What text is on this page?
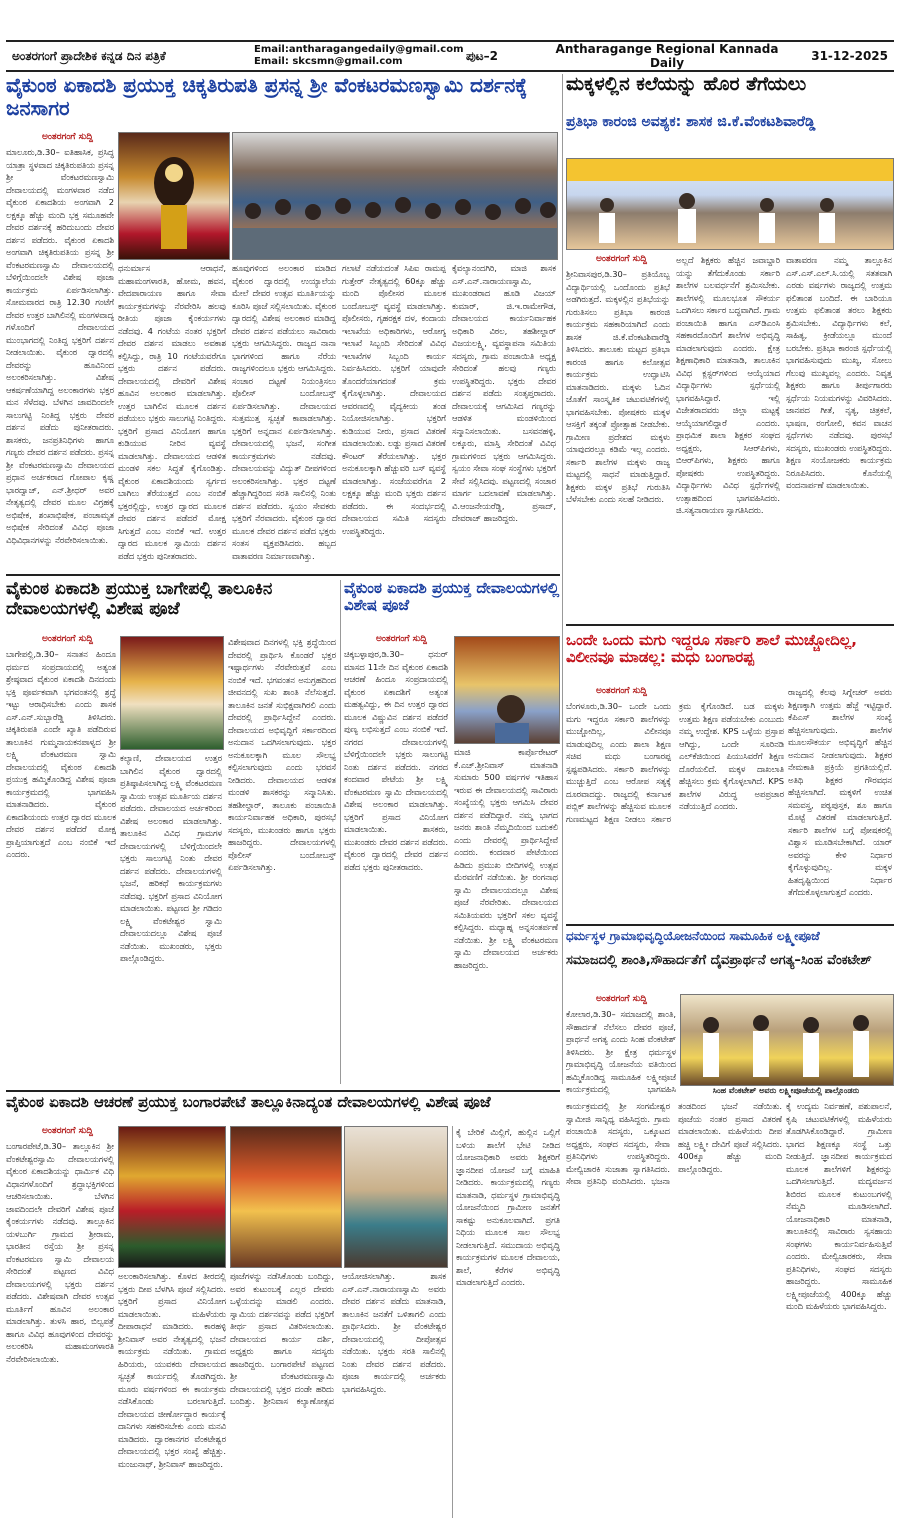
ಅಂತರಗಂಗೆ ಪ್ರಾದೇಶಿಕ ಕನ್ನಡ ದಿನ ಪತ್ರಿಕೆ	Email:antharagangedaily@gmail.com
Email: skcsmn@gmail.com	ಪುಟ–2	Antharagange Regional Kannada Daily	31-12-2025
ವೈಕುಂಠ ಏಕಾದಶಿ ಪ್ರಯುಕ್ತ ಚಿಕ್ಕತಿರುಪತಿ ಪ್ರಸನ್ನ ಶ್ರೀ ವೆಂಕಟರಮಣಸ್ವಾಮಿ ದರ್ಶನಕ್ಕೆ ಜನಸಾಗರ
ಅಂತರಗಂಗೆ ಸುದ್ದಿ
ಮಾಲೂರು,ಡಿ.30– ಐತಿಹಾಸಿಕ, ಪ್ರಸಿದ್ಧ ಯಾತ್ರಾ ಸ್ಥಳವಾದ ಚಿಕ್ಕತಿರುಪತಿಯ ಪ್ರಸನ್ನ ಶ್ರೀ ವೆಂಕಟರಮಣಸ್ವಾಮಿ ದೇವಾಲಯದಲ್ಲಿ ಮಂಗಳವಾರ ನಡೆದ ವೈಕುಂಠ ಏಕಾದಶಿಯ ಅಂಗವಾಗಿ 2 ಲಕ್ಷಕ್ಕೂ ಹೆಚ್ಚು ಮಂದಿ ಭಕ್ತ ಸಮೂಹವೇ ದೇವರ ದರ್ಶನಕ್ಕೆ ಹರಿದುಬಂದು ದೇವರ ದರ್ಶನ ಪಡೆದರು. ವೈಕುಂಠ ಏಕಾದಶಿ ಅಂಗವಾಗಿ ಚಿಕ್ಕತಿರುಪತಿಯ ಪ್ರಸನ್ನ ಶ್ರೀ ವೆಂಕಟರಮಣಸ್ವಾಮಿ ದೇವಾಲಯದಲ್ಲಿ ಬೆಳಿಗ್ಗೆಯಿಂದಲೇ ವಿಶೇಷ ಪೂಜಾ ಕಾರ್ಯಕ್ರಮ ಏರ್ಪಡಿಸಲಾಗಿತ್ತು. ಸೋಮವಾರದ ರಾತ್ರಿ 12.30 ಗಂಟೆಗೆ ದೇವರ ಉತ್ತರ ಬಾಗಿಲಿನಲ್ಲಿ ಮಂಗಳವಾದ್ಯ ಗಳೊಂದಿಗೆ ದೇವಾಲಯದ ಮುಂಭಾಗದಲ್ಲಿ ನಿಂತಿದ್ದ ಭಕ್ತರಿಗೆ ದರ್ಶನ ನೀಡಲಾಯಿತು. ವೈಕುಂಠ ದ್ವಾರದಲ್ಲಿ ದೇವರನ್ನು ಹೂವಿನಿಂದ ಅಲಂಕರಿಸಲಾಗಿತ್ತು. ವಿಶೇಷ ಆಕರ್ಷಣೆಯಾಗಿದ್ದ ಅಲಂಕಾರಗಳು ಭಕ್ತರ ಮನ ಸೆಳೆದವು. ಬೆಳಗಿನ ಜಾವದಿಂದಲೇ ಸಾಲುಗಟ್ಟಿ ನಿಂತಿದ್ದ ಭಕ್ತರು ದೇವರ ದರ್ಶನ ಪಡೆದು ಪುನೀತರಾದರು. ಶಾಸಕರು, ಜನಪ್ರತಿನಿಧಿಗಳು ಹಾಗೂ ಗಣ್ಯರು ದೇವರ ದರ್ಶನ ಪಡೆದರು. ಪ್ರಸನ್ನ ಶ್ರೀ ವೆಂಕಟರಮಣಸ್ವಾಮಿ ದೇವಾಲಯದ ಪ್ರಧಾನ ಅರ್ಚಕರಾದ ಗೋಪಾಲ ಕೃಷ್ಣ ಭಾರದ್ವಾಜ್, ಎನ್.ಶ್ರೀಧರ್ ಅವರ ನೇತೃತ್ವದಲ್ಲಿ ದೇವರ ಮೂಲ ವಿಗ್ರಹಕ್ಕೆ ಅಭಿಷೇಕ, ಶಂಖಾಭಿಷೇಕ, ಪಂಚಾಮೃತ ಅಭಿಷೇಕ ಸೇರಿದಂತೆ ವಿವಿಧ ಪೂಜಾ ವಿಧಿವಿಧಾನಗಳನ್ನು ನೆರವೇರಿಸಲಾಯಿತು.
ಧನುರ್ಮಾಸ ಆರಾಧನೆ, ಮಹಾಮಂಗಳಾರತಿ, ಹೋಮ, ಹವನ, ವೇದಪಾರಾಯಣ ಹಾಗೂ ಸೇವಾ ಕಾರ್ಯಕ್ರಮಗಳನ್ನು ನೆರವೇರಿಸಿ ಹಲವು ರೀತಿಯ ಪೂಜಾ ಕೈಂಕರ್ಯಗಳು ನಡೆದವು. 4 ಗಂಟೆಯ ನಂತರ ಭಕ್ತರಿಗೆ ದೇವರ ದರ್ಶನ ಮಾಡಲು ಅವಕಾಶ ಕಲ್ಪಿಸಿದ್ದು, ರಾತ್ರಿ 10 ಗಂಟೆಯವರೆಗೂ ಭಕ್ತರು ದರ್ಶನ ಪಡೆದರು. ದೇವಾಲಯದಲ್ಲಿ ದೇವರಿಗೆ ವಿಶೇಷ ಹೂವಿನ ಅಲಂಕಾರ ಮಾಡಲಾಗಿತ್ತು. ಉತ್ತರ ಬಾಗಿಲಿನ ಮೂಲಕ ದರ್ಶನ ಪಡೆಯಲು ಭಕ್ತರು ಸಾಲುಗಟ್ಟಿ ನಿಂತಿದ್ದರು. ಭಕ್ತರಿಗೆ ಪ್ರಸಾದ ವಿನಿಯೋಗ ಹಾಗೂ ಕುಡಿಯುವ ನೀರಿನ ವ್ಯವಸ್ಥೆ ಮಾಡಲಾಗಿತ್ತು. ದೇವಾಲಯದ ಆಡಳಿತ ಮಂಡಳಿ ಸಕಲ ಸಿದ್ಧತೆ ಕೈಗೊಂಡಿತ್ತು. ವೈಕುಂಠ ಏಕಾದಶಿಯಂದು ಸ್ವರ್ಗದ ಬಾಗಿಲು ತೆರೆಯುತ್ತದೆ ಎಂಬ ನಂಬಿಕೆ ಭಕ್ತರಲ್ಲಿದ್ದು, ಉತ್ತರ ದ್ವಾರದ ಮೂಲಕ ದೇವರ ದರ್ಶನ ಪಡೆದರೆ ಮೋಕ್ಷ ಸಿಗುತ್ತದೆ ಎಂಬ ನಂಬಿಕೆ ಇದೆ. ಉತ್ತರ ದ್ವಾರದ ಮೂಲಕ ಸ್ವಾಮಿಯ ದರ್ಶನ ಪಡೆದ ಭಕ್ತರು ಪುನೀತರಾದರು.
ಹೂವುಗಳಿಂದ ಅಲಂಕಾರ ಮಾಡಿದ ವೈಕುಂಠ ದ್ವಾರದಲ್ಲಿ ಉಯ್ಯಾಲೆಯ ಮೇಲೆ ದೇವರ ಉತ್ಸವ ಮೂರ್ತಿಯನ್ನು ಕೂರಿಸಿ ಪೂಜೆ ಸಲ್ಲಿಸಲಾಯಿತು. ವೈಕುಂಠ ದ್ವಾರದಲ್ಲಿ ವಿಶೇಷ ಅಲಂಕಾರ ಮಾಡಿದ್ದ ದೇವರ ದರ್ಶನ ಪಡೆಯಲು ಸಾವಿರಾರು ಭಕ್ತರು ಆಗಮಿಸಿದ್ದರು. ರಾಜ್ಯದ ನಾನಾ ಭಾಗಗಳಿಂದ ಹಾಗೂ ನೆರೆಯ ರಾಜ್ಯಗಳಿಂದಲೂ ಭಕ್ತರು ಆಗಮಿಸಿದ್ದರು. ಸಂಚಾರ ದಟ್ಟಣೆ ನಿಯಂತ್ರಿಸಲು ಪೊಲೀಸ್ ಬಂದೋಬಸ್ತ್ ಏರ್ಪಡಿಸಲಾಗಿತ್ತು. ದೇವಾಲಯದ ಸುತ್ತಮುತ್ತ ಸ್ವಚ್ಛತೆ ಕಾಪಾಡಲಾಗಿತ್ತು. ಭಕ್ತರಿಗೆ ಅನ್ನದಾನ ಏರ್ಪಡಿಸಲಾಗಿತ್ತು. ದೇವಾಲಯದಲ್ಲಿ ಭಜನೆ, ಸಂಗೀತ ಕಾರ್ಯಕ್ರಮಗಳು ನಡೆದವು. ದೇವಾಲಯವನ್ನು ವಿದ್ಯುತ್ ದೀಪಗಳಿಂದ ಅಲಂಕರಿಸಲಾಗಿತ್ತು. ಭಕ್ತರ ದಟ್ಟಣೆ ಹೆಚ್ಚಾಗಿದ್ದರಿಂದ ಸರತಿ ಸಾಲಿನಲ್ಲಿ ನಿಂತು ದರ್ಶನ ಪಡೆದರು. ಸ್ವಯಂ ಸೇವಕರು ಭಕ್ತರಿಗೆ ನೆರವಾದರು. ವೈಕುಂಠ ದ್ವಾರದ ಮೂಲಕ ದೇವರ ದರ್ಶನ ಪಡೆದ ಭಕ್ತರು ಸಂತಸ ವ್ಯಕ್ತಪಡಿಸಿದರು. ಹಬ್ಬದ ವಾತಾವರಣ ನಿರ್ಮಾಣವಾಗಿತ್ತು.
ಗಲಾಟೆ ನಡೆಯದಂತೆ ಸಿಪಿಐ ರಾಮಪ್ಪ ಗುತ್ತೇರ್ ನೇತೃತ್ವದಲ್ಲಿ 60ಕ್ಕೂ ಹೆಚ್ಚು ಮಂದಿ ಪೊಲೀಸರ ಮೂಲಕ ಬಂದೋಬಸ್ತ್ ವ್ಯವಸ್ಥೆ ಮಾಡಲಾಗಿತ್ತು. ಪೊಲೀಸರು, ಗೃಹರಕ್ಷಕ ದಳ, ಕಂದಾಯ ಇಲಾಖೆಯ ಅಧಿಕಾರಿಗಳು, ಆರೋಗ್ಯ ಇಲಾಖೆ ಸಿಬ್ಬಂದಿ ಸೇರಿದಂತೆ ವಿವಿಧ ಇಲಾಖೆಗಳ ಸಿಬ್ಬಂದಿ ಕಾರ್ಯ ನಿರ್ವಹಿಸಿದರು. ಭಕ್ತರಿಗೆ ಯಾವುದೇ ತೊಂದರೆಯಾಗದಂತೆ ಕ್ರಮ ಕೈಗೊಳ್ಳಲಾಗಿತ್ತು. ದೇವಾಲಯದ ಆವರಣದಲ್ಲಿ ವೈದ್ಯಕೀಯ ತಂಡ ನಿಯೋಜಿಸಲಾಗಿತ್ತು. ಭಕ್ತರಿಗೆ ಕುಡಿಯುವ ನೀರು, ಪ್ರಸಾದ ವಿತರಣೆ ಮಾಡಲಾಯಿತು. ಲಡ್ಡು ಪ್ರಸಾದ ವಿತರಣೆ ಕೌಂಟರ್ ತೆರೆಯಲಾಗಿತ್ತು. ಭಕ್ತರ ಅನುಕೂಲಕ್ಕಾಗಿ ಹೆಚ್ಚುವರಿ ಬಸ್ ವ್ಯವಸ್ಥೆ ಮಾಡಲಾಗಿತ್ತು. ಸಂಜೆಯವರೆಗೂ 2 ಲಕ್ಷಕ್ಕೂ ಹೆಚ್ಚು ಮಂದಿ ಭಕ್ತರು ದರ್ಶನ ಪಡೆದರು. ಈ ಸಂದರ್ಭದಲ್ಲಿ ದೇವಾಲಯದ ಸಮಿತಿ ಸದಸ್ಯರು ಉಪಸ್ಥಿತರಿದ್ದರು.
ಕೈವಲ್ಯಾನಂದಗಿರಿ, ಮಾಜಿ ಶಾಸಕ ಎಸ್.ಎನ್.ನಾರಾಯಣಸ್ವಾಮಿ, ಮುಖಂಡರಾದ ಹೂಡಿ ವಿಜಯ್ ಕುಮಾರ್, ಜಿ.ಇ.ರಾಮೇಗೌಡ, ದೇವಾಲಯದ ಕಾರ್ಯನಿರ್ವಾಹಕ ಅಧಿಕಾರಿ ವಿಠಲ, ತಹಶೀಲ್ದಾರ್ ವಿಜಯಲಕ್ಷ್ಮಿ, ವ್ಯವಸ್ಥಾಪನಾ ಸಮಿತಿಯ ಸದಸ್ಯರು, ಗ್ರಾಮ ಪಂಚಾಯಿತಿ ಅಧ್ಯಕ್ಷ ಸೇರಿದಂತೆ ಹಲವು ಗಣ್ಯರು ಉಪಸ್ಥಿತರಿದ್ದರು. ಭಕ್ತರು ದೇವರ ದರ್ಶನ ಪಡೆದು ಸಂತೃಪ್ತರಾದರು. ದೇವಾಲಯಕ್ಕೆ ಆಗಮಿಸಿದ ಗಣ್ಯರನ್ನು ಆಡಳಿತ ಮಂಡಳಿಯಿಂದ ಸನ್ಮಾನಿಸಲಾಯಿತು. ಬಸವನಹಳ್ಳಿ, ಲಕ್ಕೂರು, ಮಾಸ್ತಿ ಸೇರಿದಂತೆ ವಿವಿಧ ಗ್ರಾಮಗಳಿಂದ ಭಕ್ತರು ಆಗಮಿಸಿದ್ದರು. ಸ್ವಯಂ ಸೇವಾ ಸಂಘ ಸಂಸ್ಥೆಗಳು ಭಕ್ತರಿಗೆ ಸೇವೆ ಸಲ್ಲಿಸಿದವು. ಪಟ್ಟಣದಲ್ಲಿ ಸಂಚಾರ ಮಾರ್ಗ ಬದಲಾವಣೆ ಮಾಡಲಾಗಿತ್ತು. ವಿ.ಆಂಜನೇಯರೆಡ್ಡಿ, ಪ್ರಸಾದ್, ದೇವರಾಜ್ ಹಾಜರಿದ್ದರು.
ಮಕ್ಕಳಲ್ಲಿನ ಕಲೆಯನ್ನು ಹೊರ ತೆಗೆಯಲು
ಪ್ರತಿಭಾ ಕಾರಂಜಿ ಅವಶ್ಯಕ: ಶಾಸಕ ಜಿ.ಕೆ.ವೆಂಕಟಶಿವಾರೆಡ್ಡಿ
ಅಂತರಗಂಗೆ ಸುದ್ದಿ
ಶ್ರೀನಿವಾಸಪುರ,ಡಿ.30– ಪ್ರತಿಯೊಬ್ಬ ವಿದ್ಯಾರ್ಥಿಯಲ್ಲಿ ಒಂದೊಂದು ಪ್ರತಿಭೆ ಅಡಗಿರುತ್ತದೆ. ಮಕ್ಕಳಲ್ಲಿನ ಪ್ರತಿಭೆಯನ್ನು ಗುರುತಿಸಲು ಪ್ರತಿಭಾ ಕಾರಂಜಿ ಕಾರ್ಯಕ್ರಮ ಸಹಕಾರಿಯಾಗಿದೆ ಎಂದು ಶಾಸಕ ಜಿ.ಕೆ.ವೆಂಕಟಶಿವಾರೆಡ್ಡಿ ತಿಳಿಸಿದರು. ತಾಲೂಕು ಮಟ್ಟದ ಪ್ರತಿಭಾ ಕಾರಂಜಿ ಹಾಗೂ ಕಲೋತ್ಸವ ಕಾರ್ಯಕ್ರಮ ಉದ್ಘಾಟಿಸಿ ಮಾತನಾಡಿದರು. ಮಕ್ಕಳು ಓದಿನ ಜೊತೆಗೆ ಸಾಂಸ್ಕೃತಿಕ ಚಟುವಟಿಕೆಗಳಲ್ಲಿ ಭಾಗವಹಿಸಬೇಕು. ಪೋಷಕರು ಮಕ್ಕಳ ಆಸಕ್ತಿಗೆ ತಕ್ಕಂತೆ ಪ್ರೋತ್ಸಾಹ ನೀಡಬೇಕು. ಗ್ರಾಮೀಣ ಪ್ರದೇಶದ ಮಕ್ಕಳು ಯಾವುದರಲ್ಲೂ ಕಡಿಮೆ ಇಲ್ಲ ಎಂದರು. ಸರ್ಕಾರಿ ಶಾಲೆಗಳ ಮಕ್ಕಳು ರಾಜ್ಯ ಮಟ್ಟದಲ್ಲಿ ಸಾಧನೆ ಮಾಡುತ್ತಿದ್ದಾರೆ. ಶಿಕ್ಷಕರು ಮಕ್ಕಳ ಪ್ರತಿಭೆ ಗುರುತಿಸಿ ಬೆಳೆಸಬೇಕು ಎಂದು ಸಲಹೆ ನೀಡಿದರು.
ಅಲ್ಲದೆ ಶಿಕ್ಷಕರು ಹೆಚ್ಚಿನ ಜವಾಬ್ದಾರಿ ಯನ್ನು ತೆಗೆದುಕೊಂಡು ಸರ್ಕಾರಿ ಶಾಲೆಗಳ ಬಲವರ್ಧನೆಗೆ ಶ್ರಮಿಸಬೇಕು. ಶಾಲೆಗಳಲ್ಲಿ ಮೂಲಭೂತ ಸೌಕರ್ಯ ಒದಗಿಸಲು ಸರ್ಕಾರ ಬದ್ಧವಾಗಿದೆ. ಗ್ರಾಮ ಪಂಚಾಯಿತಿ ಹಾಗೂ ಎಸ್‌ಡಿಎಂಸಿ ಸಹಕಾರದೊಂದಿಗೆ ಶಾಲೆಗಳ ಅಭಿವೃದ್ಧಿ ಮಾಡಲಾಗುವುದು ಎಂದರು. ಕ್ಷೇತ್ರ ಶಿಕ್ಷಣಾಧಿಕಾರಿ ಮಾತನಾಡಿ, ತಾಲೂಕಿನ ವಿವಿಧ ಕ್ಲಸ್ಟರ್‌ಗಳಿಂದ ಆಯ್ಕೆಯಾದ ವಿದ್ಯಾರ್ಥಿಗಳು ಸ್ಪರ್ಧೆಯಲ್ಲಿ ಭಾಗವಹಿಸಿದ್ದಾರೆ. ಇಲ್ಲಿ ವಿಜೇತರಾದವರು ಜಿಲ್ಲಾ ಮಟ್ಟಕ್ಕೆ ಆಯ್ಕೆಯಾಗಲಿದ್ದಾರೆ ಎಂದರು. ಪ್ರಾಥಮಿಕ ಶಾಲಾ ಶಿಕ್ಷಕರ ಸಂಘದ ಅಧ್ಯಕ್ಷರು, ಸಿಆರ್‌ಪಿಗಳು, ಬಿಆರ್‌ಪಿಗಳು, ಶಿಕ್ಷಕರು ಹಾಗೂ ಪೋಷಕರು ಉಪಸ್ಥಿತರಿದ್ದರು. ವಿದ್ಯಾರ್ಥಿಗಳು ವಿವಿಧ ಸ್ಪರ್ಧೆಗಳಲ್ಲಿ ಉತ್ಸಾಹದಿಂದ ಭಾಗವಹಿಸಿದರು. ಜಿ.ಸತ್ಯನಾರಾಯಣ ಸ್ವಾಗತಿಸಿದರು.
ವಾತಾವರಣ ನಮ್ಮ ತಾಲ್ಲೂಕಿನ ಎಸ್.ಎಸ್.ಎಲ್.ಸಿ.ಯಲ್ಲಿ ಸತತವಾಗಿ ಎರಡು ವರ್ಷಗಳು ರಾಜ್ಯದಲ್ಲಿ ಉತ್ತಮ ಫಲಿತಾಂಶ ಬಂದಿದೆ. ಈ ಬಾರಿಯೂ ಉತ್ತಮ ಫಲಿತಾಂಶ ತರಲು ಶಿಕ್ಷಕರು ಶ್ರಮಿಸಬೇಕು. ವಿದ್ಯಾರ್ಥಿಗಳು ಕಲೆ, ಸಾಹಿತ್ಯ, ಕ್ರೀಡೆಯಲ್ಲೂ ಮುಂದೆ ಬರಬೇಕು. ಪ್ರತಿಭಾ ಕಾರಂಜಿ ಸ್ಪರ್ಧೆಯಲ್ಲಿ ಭಾಗವಹಿಸುವುದು ಮುಖ್ಯ, ಸೋಲು ಗೆಲುವು ಮುಖ್ಯವಲ್ಲ ಎಂದರು. ನಿವೃತ್ತ ಶಿಕ್ಷಕರು ಹಾಗೂ ತೀರ್ಪುಗಾರರು ಸ್ಪರ್ಧೆಯ ನಿಯಮಗಳನ್ನು ವಿವರಿಸಿದರು. ಜಾನಪದ ಗೀತೆ, ನೃತ್ಯ, ಚಿತ್ರಕಲೆ, ಭಾಷಣ, ರಂಗೋಲಿ, ಕವನ ವಾಚನ ಸ್ಪರ್ಧೆಗಳು ನಡೆದವು. ಪುರಸಭೆ ಸದಸ್ಯರು, ಮುಖಂಡರು ಉಪಸ್ಥಿತರಿದ್ದರು. ಶಿಕ್ಷಣ ಸಂಯೋಜಕರು ಕಾರ್ಯಕ್ರಮ ನಿರೂಪಿಸಿದರು. ಕೊನೆಯಲ್ಲಿ ವಂದನಾರ್ಪಣೆ ಮಾಡಲಾಯಿತು.
ವೈಕುಂಠ ಏಕಾದಶಿ ಪ್ರಯುಕ್ತ ಬಾಗೇಪಲ್ಲಿ ತಾಲೂಕಿನ ದೇವಾಲಯಗಳಲ್ಲಿ ವಿಶೇಷ ಪೂಜೆ
ಅಂತರಗಂಗೆ ಸುದ್ದಿ
ಬಾಗೇಪಲ್ಲಿ,ಡಿ.30– ಸನಾತನ ಹಿಂದೂ ಧರ್ಮದ ಸಂಪ್ರದಾಯದಲ್ಲಿ ಅತ್ಯಂತ ಶ್ರೇಷ್ಠವಾದ ವೈಕುಂಠ ಏಕಾದಶಿ ದಿನದಂದು ಭಕ್ತಿ ಪೂರ್ವಕವಾಗಿ ಭಗವಂತನಲ್ಲಿ ಶ್ರದ್ಧೆ ಇಟ್ಟು ಆರಾಧಿಸಬೇಕು ಎಂದು ಶಾಸಕ ಎಸ್.ಎನ್.ಸುಬ್ಬಾರೆಡ್ಡಿ ತಿಳಿಸಿದರು. ಚಿಕ್ಕತಿರುಪತಿ ಎಂದೇ ಖ್ಯಾತಿ ಪಡೆದಿರುವ ತಾಲೂಕಿನ ಗುಮ್ಮನಾಯಕನಪಾಳ್ಯದ ಶ್ರೀ ಲಕ್ಷ್ಮಿ ವೆಂಕಟರಮಣ ಸ್ವಾಮಿ ದೇವಾಲಯದಲ್ಲಿ ವೈಕುಂಠ ಏಕಾದಶಿ ಪ್ರಯುಕ್ತ ಹಮ್ಮಿಕೊಂಡಿದ್ದ ವಿಶೇಷ ಪೂಜಾ ಕಾರ್ಯಕ್ರಮದಲ್ಲಿ ಭಾಗವಹಿಸಿ ಮಾತನಾಡಿದರು. ವೈಕುಂಠ ಏಕಾದಶಿಯಂದು ಉತ್ತರ ದ್ವಾರದ ಮೂಲಕ ದೇವರ ದರ್ಶನ ಪಡೆದರೆ ಮೋಕ್ಷ ಪ್ರಾಪ್ತಿಯಾಗುತ್ತದೆ ಎಂಬ ನಂಬಿಕೆ ಇದೆ ಎಂದರು.
ಕಲ್ಯಾಣಿ, ದೇವಾಲಯದ ಉತ್ತರ ಬಾಗಿಲಿನ ವೈಕುಂಠ ದ್ವಾರದಲ್ಲಿ ಪ್ರತಿಷ್ಠಾಪಿಸಲಾಗಿದ್ದ ಲಕ್ಷ್ಮಿ ವೆಂಕಟರಮಣ ಸ್ವಾಮಿಯ ಉತ್ಸವ ಮೂರ್ತಿಯ ದರ್ಶನ ಪಡೆದರು. ದೇವಾಲಯದ ಅರ್ಚಕರಿಂದ ವಿಶೇಷ ಅಲಂಕಾರ ಮಾಡಲಾಗಿತ್ತು. ತಾಲೂಕಿನ ವಿವಿಧ ಗ್ರಾಮಗಳ ದೇವಾಲಯಗಳಲ್ಲಿ ಬೆಳಿಗ್ಗೆಯಿಂದಲೇ ಭಕ್ತರು ಸಾಲುಗಟ್ಟಿ ನಿಂತು ದೇವರ ದರ್ಶನ ಪಡೆದರು. ದೇವಾಲಯಗಳಲ್ಲಿ ಭಜನೆ, ಹರಿಕಥೆ ಕಾರ್ಯಕ್ರಮಗಳು ನಡೆದವು. ಭಕ್ತರಿಗೆ ಪ್ರಸಾದ ವಿನಿಯೋಗ ಮಾಡಲಾಯಿತು. ಪಟ್ಟಣದ ಶ್ರೀ ಗಡಿದಂ ಲಕ್ಷ್ಮಿ ವೆಂಕಟೇಶ್ವರ ಸ್ವಾಮಿ ದೇವಾಲಯದಲ್ಲೂ ವಿಶೇಷ ಪೂಜೆ ನಡೆಯಿತು. ಮುಖಂಡರು, ಭಕ್ತರು ಪಾಲ್ಗೊಂಡಿದ್ದರು.
ವಿಶೇಷವಾದ ದಿನಗಳಲ್ಲಿ ಭಕ್ತಿ ಶ್ರದ್ಧೆಯಿಂದ ದೇವರಲ್ಲಿ ಪ್ರಾರ್ಥಿಸಿ ಕೊಂಡರೆ ಭಕ್ತರ ಇಷ್ಟಾರ್ಥಗಳು ನೆರವೇರುತ್ತವೆ ಎಂಬ ನಂಬಿಕೆ ಇದೆ. ಭಗವಂತನ ಅನುಗ್ರಹದಿಂದ ಜೀವನದಲ್ಲಿ ಸುಖ ಶಾಂತಿ ನೆಲೆಸುತ್ತದೆ. ತಾಲೂಕಿನ ಜನತೆ ಸುಭಿಕ್ಷವಾಗಿರಲಿ ಎಂದು ದೇವರಲ್ಲಿ ಪ್ರಾರ್ಥಿಸಿದ್ದೇನೆ ಎಂದರು. ದೇವಾಲಯದ ಅಭಿವೃದ್ಧಿಗೆ ಸರ್ಕಾರದಿಂದ ಅನುದಾನ ಒದಗಿಸಲಾಗುವುದು. ಭಕ್ತರ ಅನುಕೂಲಕ್ಕಾಗಿ ಮೂಲ ಸೌಲಭ್ಯ ಕಲ್ಪಿಸಲಾಗುವುದು ಎಂದು ಭರವಸೆ ನೀಡಿದರು. ದೇವಾಲಯದ ಆಡಳಿತ ಮಂಡಳಿ ಶಾಸಕರನ್ನು ಸನ್ಮಾನಿಸಿತು. ತಹಶೀಲ್ದಾರ್, ತಾಲೂಕು ಪಂಚಾಯಿತಿ ಕಾರ್ಯನಿರ್ವಾಹಕ ಅಧಿಕಾರಿ, ಪುರಸಭೆ ಸದಸ್ಯರು, ಮುಖಂಡರು ಹಾಗೂ ಭಕ್ತರು ಹಾಜರಿದ್ದರು. ದೇವಾಲಯಗಳಲ್ಲಿ ಪೊಲೀಸ್ ಬಂದೋಬಸ್ತ್ ಏರ್ಪಡಿಸಲಾಗಿತ್ತು.
ವೈಕುಂಠ ಏಕಾದಶಿ ಪ್ರಯುಕ್ತ ದೇವಾಲಯಗಳಲ್ಲಿ ವಿಶೇಷ ಪೂಜೆ
ಅಂತರಗಂಗೆ ಸುದ್ದಿ
ಚಿಕ್ಕಬಳ್ಳಾಪುರ,ಡಿ.30– ಧನುರ್ ಮಾಸದ 11ನೇ ದಿನ ವೈಕುಂಠ ಏಕಾದಶಿ ಆಚರಣೆ ಹಿಂದೂ ಸಂಪ್ರದಾಯದಲ್ಲಿ ವೈಕುಂಠ ಏಕಾದಶಿಗೆ ಅತ್ಯಂತ ಮಹತ್ವವಿದ್ದು, ಈ ದಿನ ಉತ್ತರ ದ್ವಾರದ ಮೂಲಕ ವಿಷ್ಣುವಿನ ದರ್ಶನ ಪಡೆದರೆ ಪುಣ್ಯ ಲಭಿಸುತ್ತದೆ ಎಂಬ ನಂಬಿಕೆ ಇದೆ. ನಗರದ ದೇವಾಲಯಗಳಲ್ಲಿ ಬೆಳಿಗ್ಗೆಯಿಂದಲೇ ಭಕ್ತರು ಸಾಲುಗಟ್ಟಿ ನಿಂತು ದರ್ಶನ ಪಡೆದರು. ನಗರದ ಕಂದವಾರ ಪೇಟೆಯ ಶ್ರೀ ಲಕ್ಷ್ಮಿ ವೆಂಕಟರಮಣ ಸ್ವಾಮಿ ದೇವಾಲಯದಲ್ಲಿ ವಿಶೇಷ ಅಲಂಕಾರ ಮಾಡಲಾಗಿತ್ತು. ಭಕ್ತರಿಗೆ ಪ್ರಸಾದ ವಿನಿಯೋಗ ಮಾಡಲಾಯಿತು. ಶಾಸಕರು, ಮುಖಂಡರು ದೇವರ ದರ್ಶನ ಪಡೆದರು. ವೈಕುಂಠ ದ್ವಾರದಲ್ಲಿ ದೇವರ ದರ್ಶನ ಪಡೆದ ಭಕ್ತರು ಪುನೀತರಾದರು.
ಮಾಜಿ ಕಾರ್ಪೊರೇಟರ್ ಕೆ.ಎಚ್.ಶ್ರೀನಿವಾಸ್ ಮಾತನಾಡಿ ಸುಮಾರು 500 ವರ್ಷಗಳ ಇತಿಹಾಸ ಇರುವ ಈ ದೇವಾಲಯದಲ್ಲಿ ಸಾವಿರಾರು ಸಂಖ್ಯೆಯಲ್ಲಿ ಭಕ್ತರು ಆಗಮಿಸಿ ದೇವರ ದರ್ಶನ ಪಡೆದಿದ್ದಾರೆ. ನಮ್ಮ ಭಾಗದ ಜನರು ಶಾಂತಿ ನೆಮ್ಮದಿಯಿಂದ ಬದುಕಲಿ ಎಂದು ದೇವರಲ್ಲಿ ಪ್ರಾರ್ಥಿಸಿದ್ದೇವೆ ಎಂದರು. ಕಂದವಾರ ಪೇಟೆಯಿಂದ ಹಿಡಿದು ಪ್ರಮುಖ ಬೀದಿಗಳಲ್ಲಿ ಉತ್ಸವ ಮೆರವಣಿಗೆ ನಡೆಯಿತು. ಶ್ರೀ ರಂಗನಾಥ ಸ್ವಾಮಿ ದೇವಾಲಯದಲ್ಲೂ ವಿಶೇಷ ಪೂಜೆ ನೆರವೇರಿತು. ದೇವಾಲಯದ ಸಮಿತಿಯವರು ಭಕ್ತರಿಗೆ ಸಕಲ ವ್ಯವಸ್ಥೆ ಕಲ್ಪಿಸಿದ್ದರು. ಮಧ್ಯಾಹ್ನ ಅನ್ನಸಂತರ್ಪಣೆ ನಡೆಯಿತು. ಶ್ರೀ ಲಕ್ಷ್ಮಿ ವೆಂಕಟರಮಣ ಸ್ವಾಮಿ ದೇವಾಲಯದ ಅರ್ಚಕರು ಹಾಜರಿದ್ದರು.
ಒಂದೇ ಒಂದು ಮಗು ಇದ್ದರೂ ಸರ್ಕಾರಿ ಶಾಲೆ ಮುಚ್ಚೋದಿಲ್ಲ, ವಿಲೀನವೂ ಮಾಡಲ್ಲ: ಮಧು ಬಂಗಾರಪ್ಪ
ಅಂತರಗಂಗೆ ಸುದ್ದಿ
ಬೆಂಗಳೂರು,ಡಿ.30– ಒಂದೇ ಒಂದು ಮಗು ಇದ್ದರೂ ಸರ್ಕಾರಿ ಶಾಲೆಗಳನ್ನು ಮುಚ್ಚೋದಿಲ್ಲ, ವಿಲೀನವೂ ಮಾಡುವುದಿಲ್ಲ ಎಂದು ಶಾಲಾ ಶಿಕ್ಷಣ ಸಚಿವ ಮಧು ಬಂಗಾರಪ್ಪ ಸ್ಪಷ್ಟಪಡಿಸಿದರು. ಸರ್ಕಾರಿ ಶಾಲೆಗಳನ್ನು ಮುಚ್ಚುತ್ತಿದೆ ಎಂಬ ಆರೋಪ ಸತ್ಯಕ್ಕೆ ದೂರವಾದದ್ದು. ರಾಜ್ಯದಲ್ಲಿ ಕರ್ನಾಟಕ ಪಬ್ಲಿಕ್ ಶಾಲೆಗಳನ್ನು ಹೆಚ್ಚಿಸುವ ಮೂಲಕ ಗುಣಮಟ್ಟದ ಶಿಕ್ಷಣ ನೀಡಲು ಸರ್ಕಾರ ಕ್ರಮ ಕೈಗೊಂಡಿದೆ. ಬಡ ಮಕ್ಕಳು ಉತ್ತಮ ಶಿಕ್ಷಣ ಪಡೆಯಬೇಕು ಎಂಬುದು ನಮ್ಮ ಉದ್ದೇಶ. KPS ಒಳ್ಳೆಯ ಪ್ರಸ್ತಾಪ ಆಗಿದ್ದು, ಒಂದೇ ಸೂರಿನಡಿ ಎಲ್‌ಕೆಜಿಯಿಂದ ಪಿಯುಸಿವರೆಗೆ ಶಿಕ್ಷಣ ದೊರೆಯಲಿದೆ. ಮಕ್ಕಳ ದಾಖಲಾತಿ ಹೆಚ್ಚಿಸಲು ಕ್ರಮ ಕೈಗೊಳ್ಳಲಾಗಿದೆ. KPS ಶಾಲೆಗಳ ವಿರುದ್ಧ ಅಪಪ್ರಚಾರ ನಡೆಯುತ್ತಿದೆ ಎಂದರು.
ರಾಜ್ಯದಲ್ಲಿ ಕೆಲವು ಸಿಗ್ನೇಚರ್ ಅವರು ಶಿಕ್ಷಣಕ್ಕಾಗಿ ಉತ್ತಮ ಹೆಜ್ಜೆ ಇಟ್ಟಿದ್ದಾರೆ. ಕೆಪಿಎಸ್ ಶಾಲೆಗಳ ಸಂಖ್ಯೆ ಹೆಚ್ಚಿಸಲಾಗುವುದು. ಶಾಲೆಗಳ ಮೂಲಸೌಕರ್ಯ ಅಭಿವೃದ್ಧಿಗೆ ಹೆಚ್ಚಿನ ಅನುದಾನ ನೀಡಲಾಗುವುದು. ಶಿಕ್ಷಕರ ನೇಮಕಾತಿ ಪ್ರಕ್ರಿಯೆ ಪ್ರಗತಿಯಲ್ಲಿದೆ. ಅತಿಥಿ ಶಿಕ್ಷಕರ ಗೌರವಧನ ಹೆಚ್ಚಿಸಲಾಗಿದೆ. ಮಕ್ಕಳಿಗೆ ಉಚಿತ ಸಮವಸ್ತ್ರ, ಪಠ್ಯಪುಸ್ತಕ, ಶೂ ಹಾಗೂ ಮೊಟ್ಟೆ ವಿತರಣೆ ಮಾಡಲಾಗುತ್ತಿದೆ. ಸರ್ಕಾರಿ ಶಾಲೆಗಳ ಬಗ್ಗೆ ಪೋಷಕರಲ್ಲಿ ವಿಶ್ವಾಸ ಮೂಡಿಸಬೇಕಾಗಿದೆ. ಯಾರ್ ಅವರನ್ನು ಕೇಳಿ ನಿರ್ಧಾರ ಕೈಗೊಳ್ಳುವುದಿಲ್ಲ. ಮಕ್ಕಳ ಹಿತದೃಷ್ಟಿಯಿಂದ ನಿರ್ಧಾರ ತೆಗೆದುಕೊಳ್ಳಲಾಗುತ್ತದೆ ಎಂದರು.
ಧರ್ಮಸ್ಥಳ ಗ್ರಾಮಾಭಿವೃದ್ಧಿಯೋಜನೆಯಿಂದ ಸಾಮೂಹಿಕ ಲಕ್ಷ್ಮೀಪೂಜೆ
ಸಮಾಜದಲ್ಲಿ ಶಾಂತಿ,ಸೌಹಾರ್ದತೆಗೆ ದೈವಪ್ರಾರ್ಥನೆ ಅಗತ್ಯ–ಸಿಂಹ ವೆಂಕಟೇಶ್
ಅಂತರಗಂಗೆ ಸುದ್ದಿ
ಕೋಲಾರ,ಡಿ.30– ಸಮಾಜದಲ್ಲಿ ಶಾಂತಿ, ಸೌಹಾರ್ದತೆ ನೆಲೆಸಲು ದೇವರ ಪೂಜೆ, ಪ್ರಾರ್ಥನೆ ಅಗತ್ಯ ಎಂದು ಸಿಂಹ ವೆಂಕಟೇಶ್ ತಿಳಿಸಿದರು. ಶ್ರೀ ಕ್ಷೇತ್ರ ಧರ್ಮಸ್ಥಳ ಗ್ರಾಮಾಭಿವೃದ್ಧಿ ಯೋಜನೆಯ ವತಿಯಿಂದ ಹಮ್ಮಿಕೊಂಡಿದ್ದ ಸಾಮೂಹಿಕ ಲಕ್ಷ್ಮೀಪೂಜೆ ಕಾರ್ಯಕ್ರಮದಲ್ಲಿ ಭಾಗವಹಿಸಿ	ಸಿಂಹ ವೆಂಕಟೇಶ್ ಅವರು ಲಕ್ಷ್ಮೀಪೂಜೆಯಲ್ಲಿ ಪಾಲ್ಗೊಂಡರು
ಕೈ ಉದ್ಯಮ ನಿರ್ವಹಣೆ, ಪಶುಪಾಲನೆ, ಕೃಷಿ ಚಟುವಟಿಕೆಗಳಲ್ಲಿ ಮಹಿಳೆಯರು ತೊಡಗಿಸಿಕೊಂಡಿದ್ದಾರೆ. ಗ್ರಾಮೀಣ ಭಾಗದ ಶಿಕ್ಷಣಕ್ಕೂ ಸಂಸ್ಥೆ ಒತ್ತು ನೀಡುತ್ತಿದೆ. ಜ್ಞಾನದೀಪ ಕಾರ್ಯಕ್ರಮದ ಮೂಲಕ ಶಾಲೆಗಳಿಗೆ ಶಿಕ್ಷಕರನ್ನು ಒದಗಿಸಲಾಗುತ್ತಿದೆ. ಮದ್ಯವರ್ಜನ ಶಿಬಿರದ ಮೂಲಕ ಕುಟುಂಬಗಳಲ್ಲಿ ನೆಮ್ಮದಿ ಮೂಡಿಸಲಾಗಿದೆ. ಯೋಜನಾಧಿಕಾರಿ ಮಾತನಾಡಿ, ತಾಲೂಕಿನಲ್ಲಿ ಸಾವಿರಾರು ಸ್ವಸಹಾಯ ಸಂಘಗಳು ಕಾರ್ಯನಿರ್ವಹಿಸುತ್ತಿವೆ ಎಂದರು. ಮೇಲ್ವಿಚಾರಕರು, ಸೇವಾ ಪ್ರತಿನಿಧಿಗಳು, ಸಂಘದ ಸದಸ್ಯರು ಹಾಜರಿದ್ದರು. ಸಾಮೂಹಿಕ ಲಕ್ಷ್ಮೀಪೂಜೆಯಲ್ಲಿ 400ಕ್ಕೂ ಹೆಚ್ಚು ಮಂದಿ ಮಹಿಳೆಯರು ಭಾಗವಹಿಸಿದ್ದರು.
ವೈಕುಂಠ ಏಕಾದಶಿ ಆಚರಣೆ ಪ್ರಯುಕ್ತ ಬಂಗಾರಪೇಟೆ ತಾಲ್ಲೂಕಿನಾದ್ಯಂತ ದೇವಾಲಯಗಳಲ್ಲಿ ವಿಶೇಷ ಪೂಜೆ
ಅಂತರಗಂಗೆ ಸುದ್ದಿ
ಬಂಗಾರಪೇಟೆ,ಡಿ.30– ತಾಲ್ಲೂಕಿನ ಶ್ರೀ ವೆಂಕಟೇಶ್ವರಸ್ವಾಮಿ ದೇವಾಲಯಗಳಲ್ಲಿ ವೈಕುಂಠ ಏಕಾದಶಿಯನ್ನು ಧಾರ್ಮಿಕ ವಿಧಿ ವಿಧಾನಗಳೊಂದಿಗೆ ಶ್ರದ್ಧಾಭಕ್ತಿಗಳಿಂದ ಆಚರಿಸಲಾಯಿತು. ಬೆಳಗಿನ ಜಾವದಿಂದಲೇ ದೇವರಿಗೆ ವಿಶೇಷ ಪೂಜೆ ಕೈಂಕರ್ಯಗಳು ನಡೆದವು. ತಾಲ್ಲೂಕಿನ ಯಳಬುರ್ಗಿ ಗ್ರಾಮದ ಶ್ರೀರಾಮ, ಭಾರತೀನ ರಸ್ತೆಯ ಶ್ರೀ ಪ್ರಸನ್ನ ವೆಂಕಟರಮಣ ಸ್ವಾಮಿ ದೇವಾಲಯ ಸೇರಿದಂತೆ ಪಟ್ಟಣದ ವಿವಿಧ ದೇವಾಲಯಗಳಲ್ಲಿ ಭಕ್ತರು ದರ್ಶನ ಪಡೆದರು. ವಿಶೇಷವಾಗಿ ದೇವರ ಉತ್ಸವ ಮೂರ್ತಿಗೆ ಹೂವಿನ ಅಲಂಕಾರ ಮಾಡಲಾಗಿತ್ತು. ತುಳಸಿ ಹಾರ, ಬಿಲ್ವಪತ್ರೆ ಹಾಗೂ ವಿವಿಧ ಹೂವುಗಳಿಂದ ದೇವರನ್ನು ಅಲಂಕರಿಸಿ ಮಹಾಮಂಗಳಾರತಿ ನೆರವೇರಿಸಲಾಯಿತು.
ಅಲಂಕಾರಿಸಲಾಗಿತ್ತು. ಕೊಳದ ತೀರದಲ್ಲಿ ಭಕ್ತರು ದೀಪ ಬೆಳಗಿಸಿ ಪೂಜೆ ಸಲ್ಲಿಸಿದರು. ಭಕ್ತರಿಗೆ ಪ್ರಸಾದ ವಿನಿಯೋಗ ಮಾಡಲಾಯಿತು. ಮಹಿಳೆಯರು ದೀಪಾರಾಧನೆ ಮಾಡಿದರು. ಕಾರಹಳ್ಳಿ ಶ್ರೀನಿವಾಸ್ ಅವರ ನೇತೃತ್ವದಲ್ಲಿ ಭಜನೆ ಕಾರ್ಯಕ್ರಮ ನಡೆಯಿತು. ಗ್ರಾಮದ ಹಿರಿಯರು, ಯುವಕರು ದೇವಾಲಯದ ಸ್ವಚ್ಛತೆ ಕಾರ್ಯದಲ್ಲಿ ತೊಡಗಿದ್ದರು. ಮೂರು ವರ್ಷಗಳಿಂದ ಈ ಕಾರ್ಯಕ್ರಮ ನಡೆಸಿಕೊಂಡು ಬರಲಾಗುತ್ತಿದೆ. ದೇವಾಲಯದ ಜೀರ್ಣೋದ್ಧಾರ ಕಾರ್ಯಕ್ಕೆ ದಾನಿಗಳು ಸಹಕರಿಸಬೇಕು ಎಂದು ಮನವಿ ಮಾಡಿದರು. ದ್ವಾರಕಾನಗರ ವೆಂಕಟೇಶ್ವರ ದೇವಾಲಯದಲ್ಲಿ ಭಕ್ತರ ಸಂಖ್ಯೆ ಹೆಚ್ಚಿತ್ತು. ಮಂಜುನಾಥ್, ಶ್ರೀನಿವಾಸ್ ಹಾಜರಿದ್ದರು.
ಪೂಜೆಗಳನ್ನು ನಡೆಸಿಕೊಂಡು ಬಂದಿದ್ದು, ಅವರ ಕುಟುಂಬಕ್ಕೆ ಎಲ್ಲರ ದೇವರು ಒಳ್ಳೆಯದನ್ನು ಮಾಡಲಿ ಎಂದರು. ಸ್ವಾಮಿಯ ದರ್ಶನವನ್ನು ಪಡೆದ ಭಕ್ತರಿಗೆ ತೀರ್ಥ ಪ್ರಸಾದ ವಿತರಿಸಲಾಯಿತು. ದೇವಾಲಯದ ಕಾರ್ಯ ದರ್ಶಿ, ಅಧ್ಯಕ್ಷರು ಹಾಗೂ ಸದಸ್ಯರು ಹಾಜರಿದ್ದರು. ಬಂಗಾರಪೇಟೆ ಪಟ್ಟಣದ ಶ್ರೀ ವೆಂಕಟರಮಣಸ್ವಾಮಿ ದೇವಾಲಯದಲ್ಲಿ ಭಕ್ತರ ದಂಡೇ ಹರಿದು ಬಂದಿತ್ತು. ಶ್ರೀನಿವಾಸ ಕಲ್ಯಾಣೋತ್ಸವ ಆಯೋಜಿಸಲಾಗಿತ್ತು. ಶಾಸಕ ಎಸ್.ಎನ್.ನಾರಾಯಣಸ್ವಾಮಿ ಅವರು ದೇವರ ದರ್ಶನ ಪಡೆದು ಮಾತನಾಡಿ, ತಾಲೂಕಿನ ಜನತೆಗೆ ಒಳಿತಾಗಲಿ ಎಂದು ಪ್ರಾರ್ಥಿಸಿದರು. ಶ್ರೀ ವೆಂಕಟೇಶ್ವರ ದೇವಾಲಯದಲ್ಲಿ ದೀಪೋತ್ಸವ ನಡೆಯಿತು. ಭಕ್ತರು ಸರತಿ ಸಾಲಿನಲ್ಲಿ ನಿಂತು ದೇವರ ದರ್ಶನ ಪಡೆದರು. ಪೂಜಾ ಕಾರ್ಯದಲ್ಲಿ ಅರ್ಚಕರು ಭಾಗವಹಿಸಿದ್ದರು.
ಕೈ ಬೇರಿಕೆ ಮಿಲ್ಲಿಗೆ, ಹುಲ್ಲಿನ ಒಲ್ಲಿಗೆ ಬಳಿಯ ಶಾಲೆಗೆ ಭೇಟಿ ನೀಡಿದ ಯೋಜನಾಧಿಕಾರಿ ಅವರು ಶಿಕ್ಷಕರಿಗೆ ಜ್ಞಾನದೀಪ ಯೋಜನೆ ಬಗ್ಗೆ ಮಾಹಿತಿ ನೀಡಿದರು. ಕಾರ್ಯಕ್ರಮದಲ್ಲಿ ಗಣ್ಯರು ಮಾತನಾಡಿ, ಧರ್ಮಸ್ಥಳ ಗ್ರಾಮಾಭಿವೃದ್ಧಿ ಯೋಜನೆಯಿಂದ ಗ್ರಾಮೀಣ ಜನತೆಗೆ ಸಾಕಷ್ಟು ಅನುಕೂಲವಾಗಿದೆ. ಪ್ರಗತಿ ನಿಧಿಯ ಮೂಲಕ ಸಾಲ ಸೌಲಭ್ಯ ನೀಡಲಾಗುತ್ತಿದೆ. ಸಮುದಾಯ ಅಭಿವೃದ್ಧಿ ಕಾರ್ಯಕ್ರಮಗಳ ಮೂಲಕ ದೇವಾಲಯ, ಶಾಲೆ, ಕೆರೆಗಳ ಅಭಿವೃದ್ಧಿ ಮಾಡಲಾಗುತ್ತಿದೆ ಎಂದರು.
ಕಾರ್ಯಕ್ರಮದಲ್ಲಿ ಶ್ರೀ ಸಂಗಮೇಶ್ವರ ಸ್ವಾಮೀಜಿ ಸಾನ್ನಿಧ್ಯ ವಹಿಸಿದ್ದರು. ಗ್ರಾಮ ಪಂಚಾಯಿತಿ ಸದಸ್ಯರು, ಒಕ್ಕೂಟದ ಅಧ್ಯಕ್ಷರು, ಸಂಘದ ಸದಸ್ಯರು, ಸೇವಾ ಪ್ರತಿನಿಧಿಗಳು ಉಪಸ್ಥಿತರಿದ್ದರು. ಮೇಲ್ವಿಚಾರಕಿ ಸುಜಾತಾ ಸ್ವಾಗತಿಸಿದರು. ಸೇವಾ ಪ್ರತಿನಿಧಿ ವಂದಿಸಿದರು. ಭಜನಾ ತಂಡದಿಂದ ಭಜನೆ ನಡೆಯಿತು. ಪೂಜೆಯ ನಂತರ ಪ್ರಸಾದ ವಿತರಣೆ ಮಾಡಲಾಯಿತು. ಮಹಿಳೆಯರು ದೀಪ ಹಚ್ಚಿ ಲಕ್ಷ್ಮೀ ದೇವಿಗೆ ಪೂಜೆ ಸಲ್ಲಿಸಿದರು. 400ಕ್ಕೂ ಹೆಚ್ಚು ಮಂದಿ ಪಾಲ್ಗೊಂಡಿದ್ದರು.
